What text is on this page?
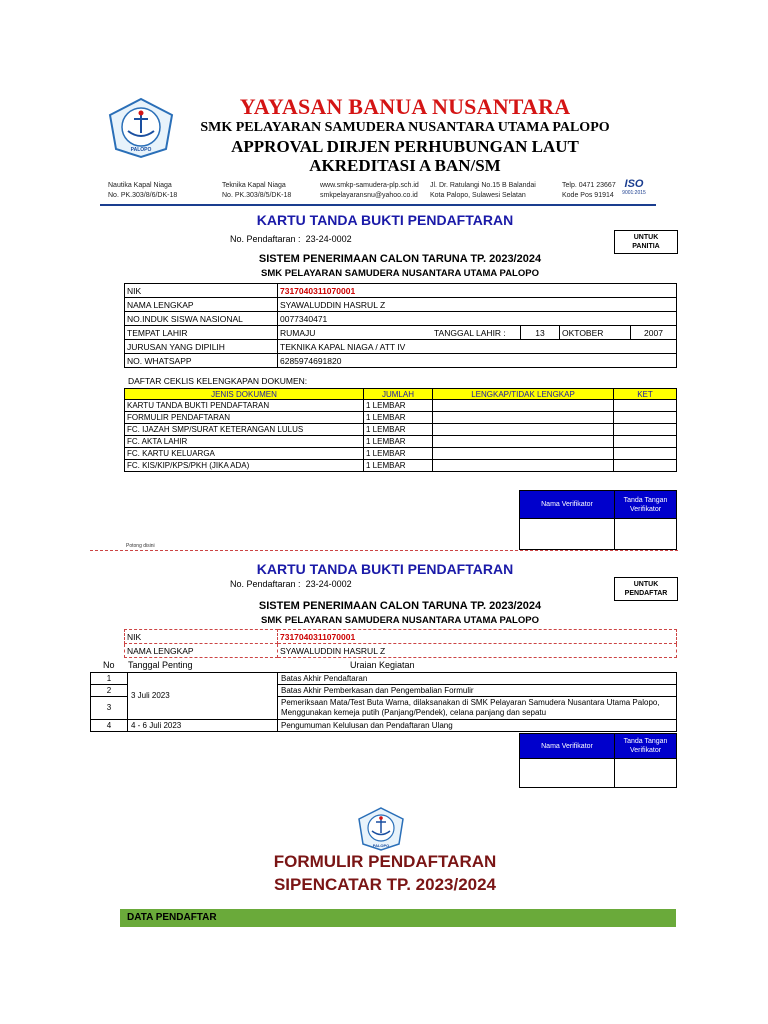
PALOPO
YAYASAN BANUA NUSANTARA
SMK PELAYARAN SAMUDERA NUSANTARA UTAMA PALOPO
APPROVAL DIRJEN PERHUBUNGAN LAUT
AKREDITASI A BAN/SM
Nautika Kapal Niaga
No. PK.303/8/6/DK-18
Teknika Kapal Niaga
No. PK.303/8/5/DK-18
www.smkp-samudera-plp.sch.id
smkpelayaransnu@yahoo.co.id
Jl. Dr. Ratulangi No.15 B Balandai
Kota Palopo, Sulawesi Selatan
Telp. 0471 23667
Kode Pos 91914
ISO
9001:2015
KARTU TANDA BUKTI PENDAFTARAN
No. Pendaftaran : 23-24-0002	UNTUK
PANITIA
SISTEM PENERIMAAN CALON TARUNA TP. 2023/2024
SMK PELAYARAN SAMUDERA NUSANTARA UTAMA PALOPO
NIK	7317040311070001				
NAMA LENGKAP	SYAWALUDDIN HASRUL Z				
NO.INDUK SISWA NASIONAL	0077340471				
TEMPAT LAHIR	RUMAJU	TANGGAL LAHIR :	13	OKTOBER	2007
JURUSAN YANG DIPILIH	TEKNIKA KAPAL NIAGA / ATT IV				
NO. WHATSAPP	6285974691820				
DAFTAR CEKLIS KELENGKAPAN DOKUMEN:
JENIS DOKUMEN	JUMLAH	LENGKAP/TIDAK LENGKAP	KET
KARTU TANDA BUKTI PENDAFTARAN	1 LEMBAR		
FORMULIR PENDAFTARAN	1 LEMBAR		
FC. IJAZAH SMP/SURAT KETERANGAN LULUS	1 LEMBAR		
FC. AKTA LAHIR	1 LEMBAR		
FC. KARTU KELUARGA	1 LEMBAR		
FC. KIS/KIP/KPS/PKH (JIKA ADA)	1 LEMBAR		
Nama Verifikator	Tanda Tangan Verifikator

Potong disini
KARTU TANDA BUKTI PENDAFTARAN
No. Pendaftaran : 23-24-0002	UNTUK
PENDAFTAR
SISTEM PENERIMAAN CALON TARUNA TP. 2023/2024
SMK PELAYARAN SAMUDERA NUSANTARA UTAMA PALOPO
NIK	7317040311070001
NAMA LENGKAP	SYAWALUDDIN HASRUL Z
No Tanggal Penting	Uraian Kegiatan
1	3 Juli 2023	Batas Akhir Pendaftaran
2		Batas Akhir Pemberkasan dan Pengembalian Formulir
3		Pemeriksaan Mata/Test Buta Warna, dilaksanakan di SMK Pelayaran Samudera Nusantara Utama Palopo, Menggunakan kemeja putih (Panjang/Pendek), celana panjang dan sepatu
4	4 - 6 Juli 2023	Pengumuman Kelulusan dan Pendaftaran Ulang
Nama Verifikator	Tanda Tangan Verifikator

PALOPO
FORMULIR PENDAFTARAN
SIPENCATAR TP. 2023/2024
DATA PENDAFTAR
